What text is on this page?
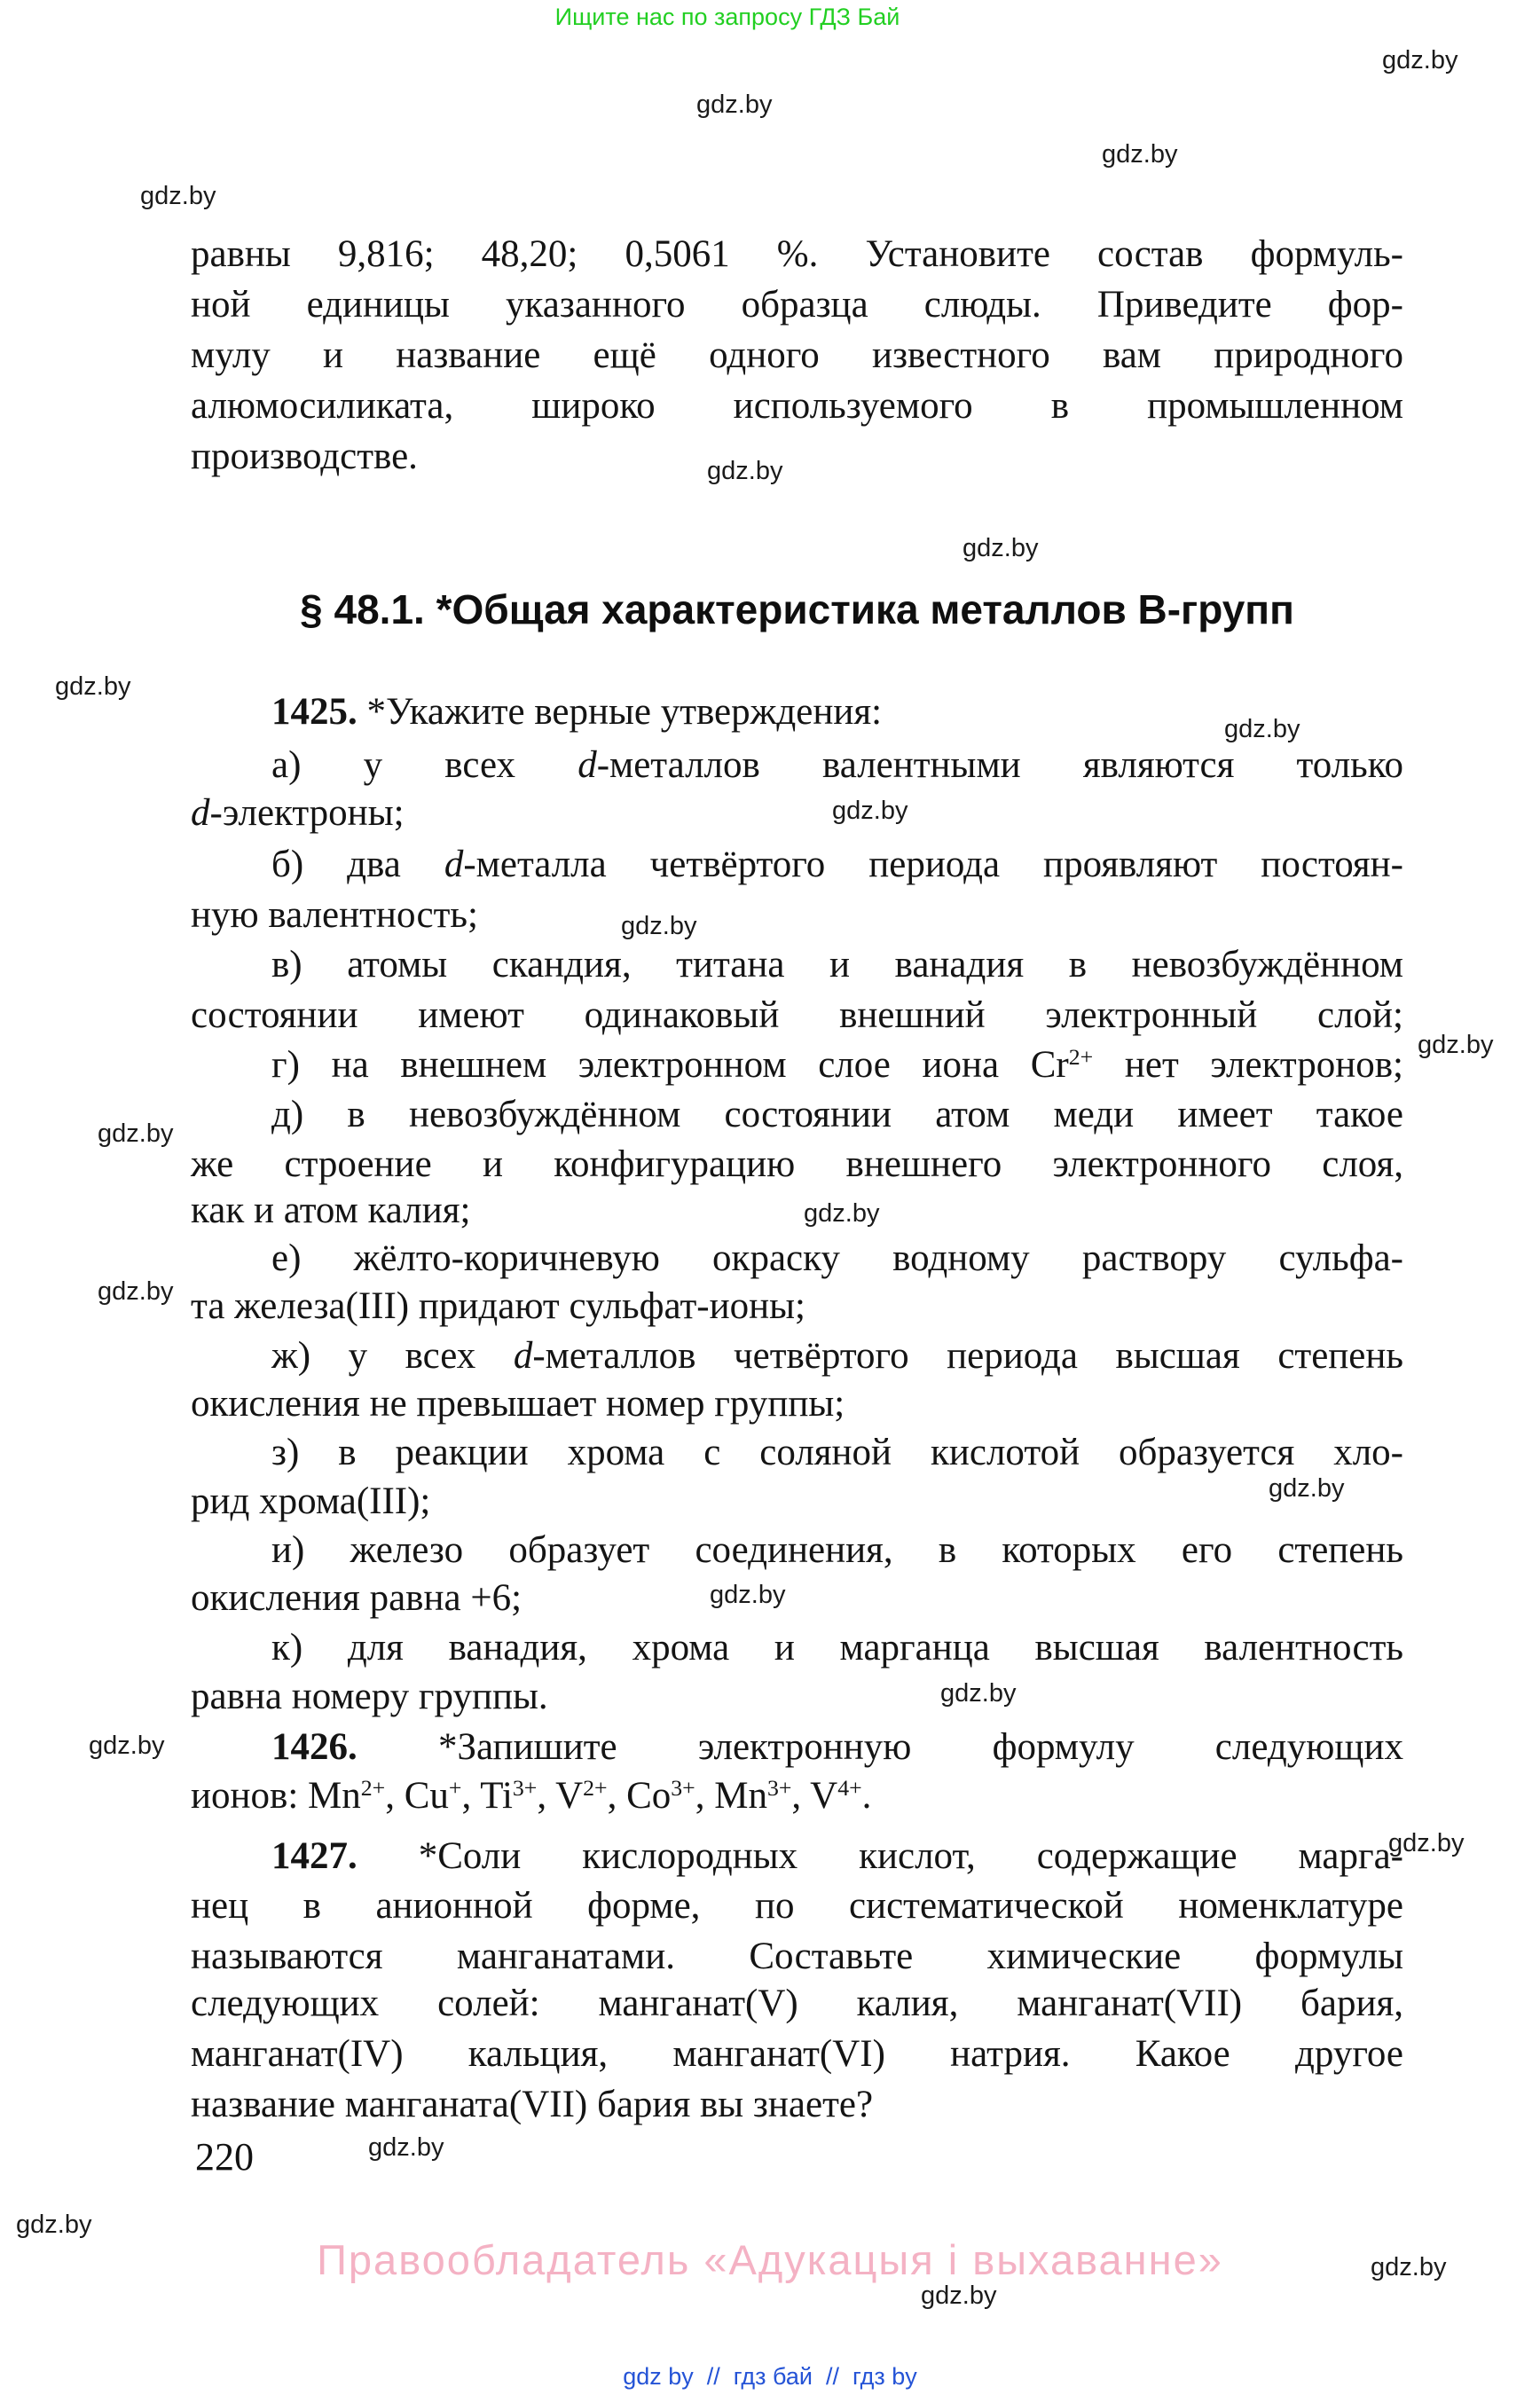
Ищите нас по запросу ГДЗ Бай
gdz.by
gdz.by
gdz.by
gdz.by
gdz.by
gdz.by
gdz.by
gdz.by
gdz.by
gdz.by
gdz.by
gdz.by
gdz.by
gdz.by
gdz.by
gdz.by
gdz.by
gdz.by
gdz.by
gdz.by
gdz.by
gdz.by
gdz.by
§ 48.1. *Общая характеристика металлов В-групп
равны 9,816; 48,20; 0,5061 %. Установите состав формуль-
ной единицы указанного образца слюды. Приведите фор-
мулу и название ещё одного известного вам природного
алюмосиликата, широко используемого в промышленном
производстве.
1425. *Укажите верные утверждения:
а) у всех d-металлов валентными являются только
d-электроны;
б) два d-металла четвёртого периода проявляют постоян-
ную валентность;
в) атомы скандия, титана и ванадия в невозбуждённом
состоянии имеют одинаковый внешний электронный слой;
г) на внешнем электронном слое иона $Cr^{2+}$ нет электронов;
д) в невозбуждённом состоянии атом меди имеет такое
же строение и конфигурацию внешнего электронного слоя,
как и атом калия;
е) жёлто-коричневую окраску водному раствору сульфа-
та железа(III) придают сульфат-ионы;
ж) у всех d-металлов четвёртого периода высшая степень
окисления не превышает номер группы;
з) в реакции хрома с соляной кислотой образуется хло-
рид хрома(III);
и) железо образует соединения, в которых его степень
окисления равна +6;
к) для ванадия, хрома и марганца высшая валентность
равна номеру группы.
1426. *Запишите электронную формулу следующих
ионов: $Mn^{2+}$, Cu+, $Ti^{3+}$, $V^{2+}$, $Co^{3+}$, $Mn^{3+}$, $V^{4+}$.
1427. *Соли кислородных кислот, содержащие марга-
нец в анионной форме, по систематической номенклатуре
называются манганатами. Составьте химические формулы
следующих солей: манганат(V) калия, манганат(VII) бария,
манганат(IV) кальция, манганат(VI) натрия. Какое другое
название манганата(VII) бария вы знаете?
220
Правообладатель «Адукацыя і выхаванне»
gdz by  //  гдз бай  //  гдз by
